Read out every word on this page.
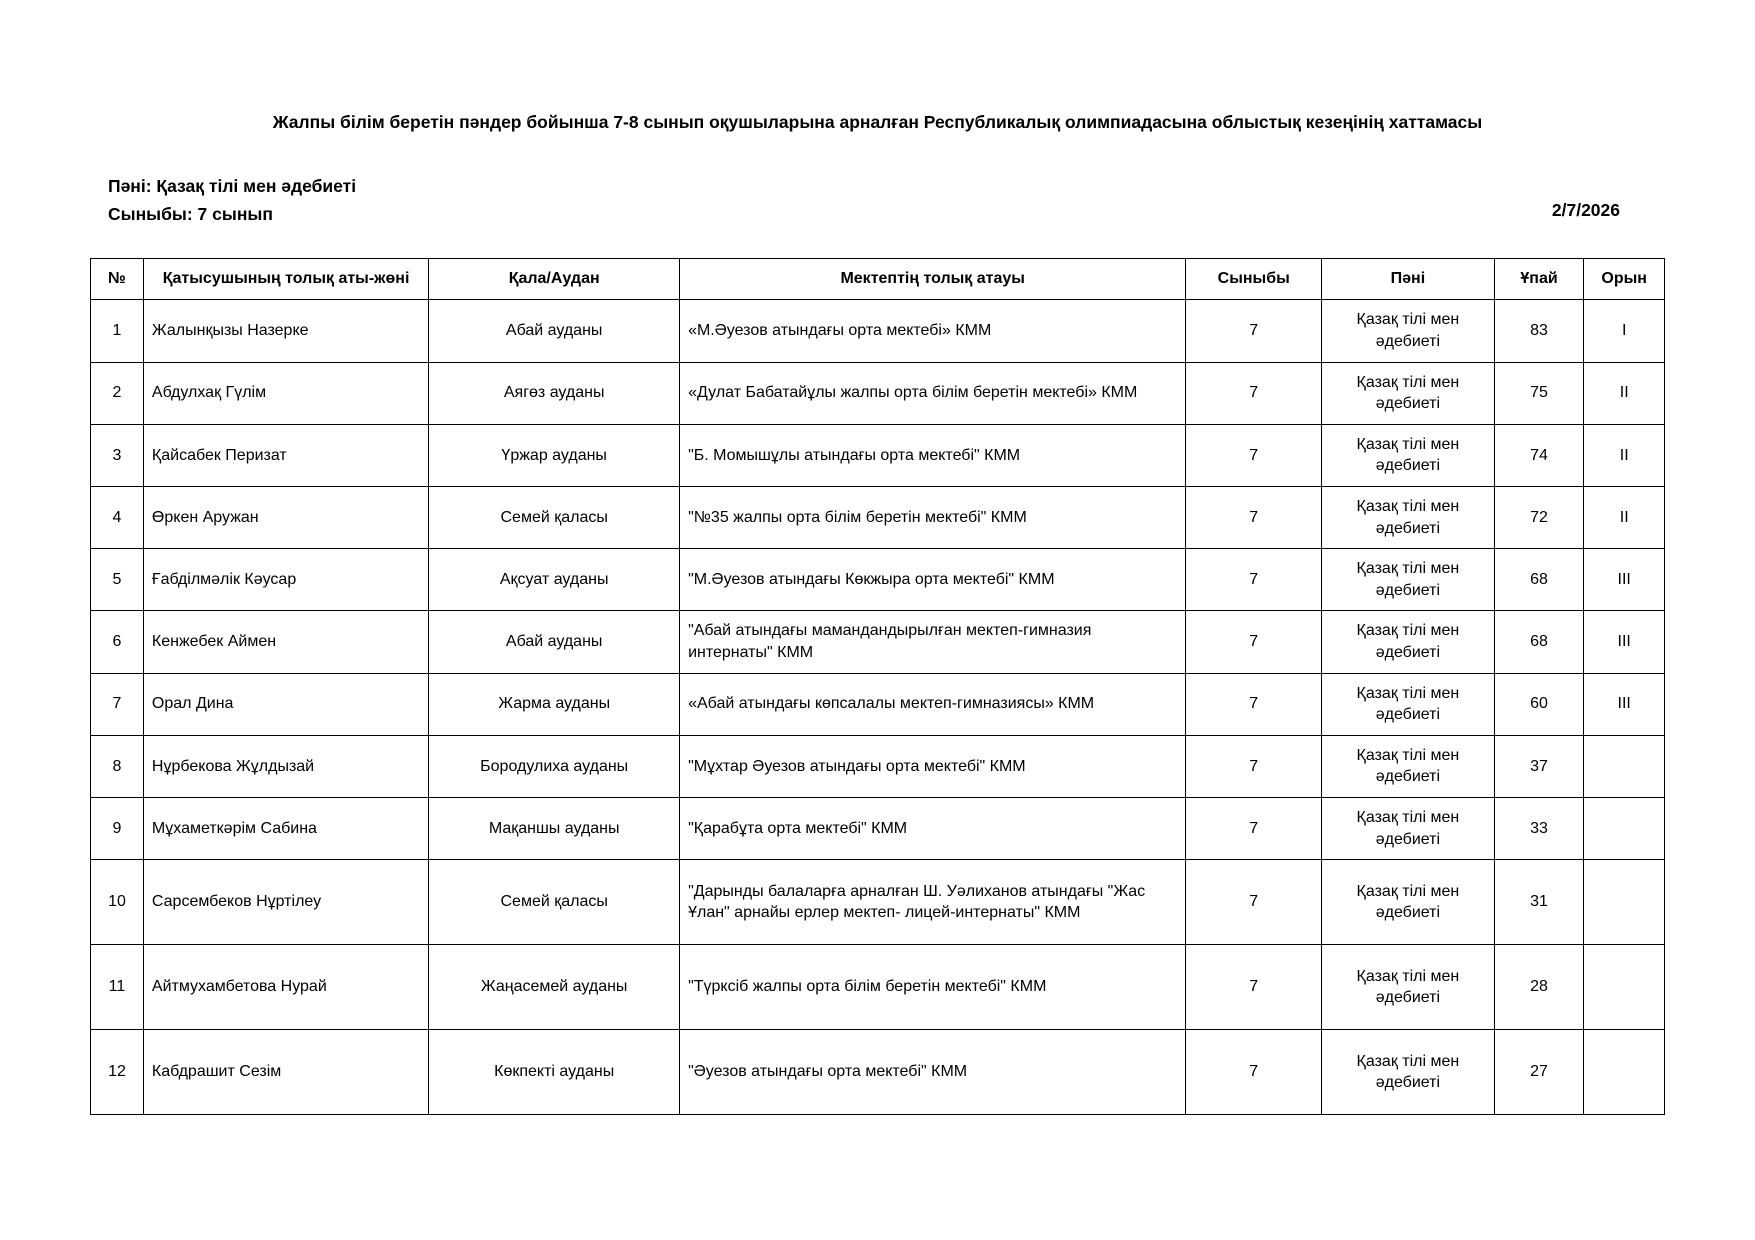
Жалпы білім беретін пәндер бойынша 7-8 сынып оқушыларына арналған Республикалық олимпиадасына облыстық кезеңінің хаттамасы
Пәні: Қазақ тілі мен әдебиеті
Сыныбы: 7 сынып	2/7/2026
№	Қатысушының толық аты-жөні	Қала/Аудан	Мектептің толық атауы	Сыныбы	Пәні	Ұпай	Орын
1	Жалынқызы Назерке	Абай ауданы	«М.Әуезов атындағы орта мектебі» КММ	7	Қазақ тілі мен әдебиеті	83	I
2	Абдулхақ Гүлім	Аягөз ауданы	«Дулат Бабатайұлы жалпы орта білім беретін мектебі» КММ	7	Қазақ тілі мен әдебиеті	75	II
3	Қайсабек Перизат	Үржар ауданы	"Б. Момышұлы атындағы орта мектебі" КММ	7	Қазақ тілі мен әдебиеті	74	II
4	Өркен Аружан	Семей қаласы	"№35 жалпы орта білім беретін мектебі" КММ	7	Қазақ тілі мен әдебиеті	72	II
5	Ғабділмәлік Кәусар	Ақсуат ауданы	"М.Әуезов атындағы Көкжыра орта мектебі" КММ	7	Қазақ тілі мен әдебиеті	68	III
6	Кенжебек Аймен	Абай ауданы	"Абай атындағы мамандандырылған мектеп-гимназия интернаты" КММ	7	Қазақ тілі мен әдебиеті	68	III
7	Орал Дина	Жарма ауданы	«Абай атындағы көпсалалы мектеп-гимназиясы» КММ	7	Қазақ тілі мен әдебиеті	60	III
8	Нұрбекова Жұлдызай	Бородулиха ауданы	"Мұхтар Әуезов атындағы орта мектебі" КММ	7	Қазақ тілі мен әдебиеті	37	
9	Мұхаметкәрім Сабина	Мақаншы ауданы	"Қарабұта орта мектебі" КММ	7	Қазақ тілі мен әдебиеті	33	
10	Сарсембеков Нұртілеу	Семей қаласы	"Дарынды балаларға арналған Ш. Уәлиханов атындағы "Жас Ұлан" арнайы ерлер мектеп- лицей-интернаты" КММ	7	Қазақ тілі мен әдебиеті	31	
11	Айтмухамбетова Нурай	Жаңасемей ауданы	"Түрксіб жалпы орта білім беретін мектебі" КММ	7	Қазақ тілі мен әдебиеті	28	
12	Кабдрашит Сезім	Көкпекті ауданы	"Әуезов атындағы орта мектебі" КММ	7	Қазақ тілі мен әдебиеті	27	
